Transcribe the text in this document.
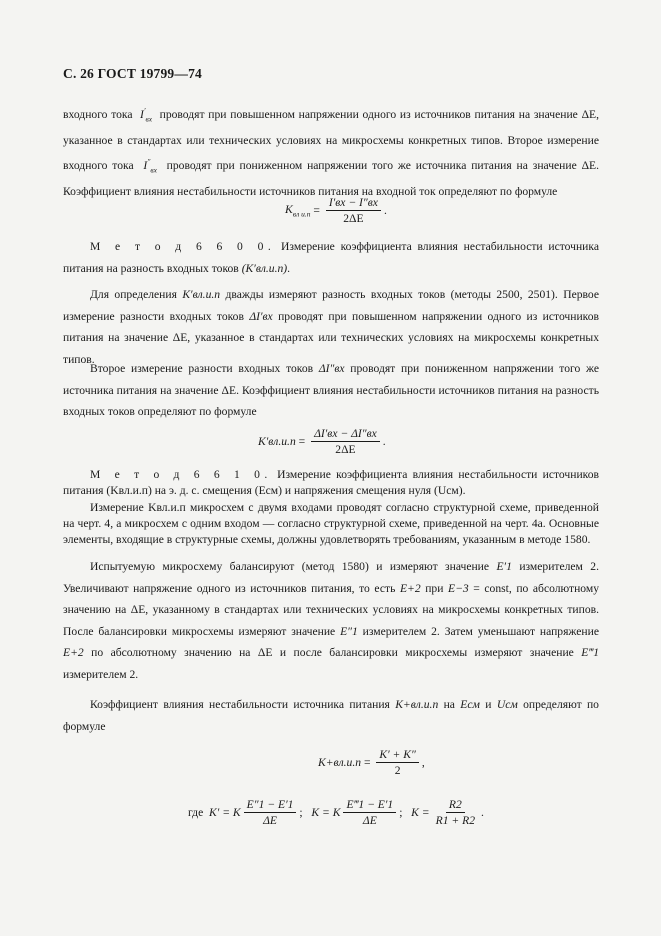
С. 26 ГОСТ 19799—74
входного тока  $I'_{вх}$ проводят при повышенном напряжении одного из источников питания на значение ΔE, указанное в стандартах или технических условиях на микросхемы конкретных типов. Второе измерение входного тока  $I''_{вх}$ проводят при пониженном напряжении того же источника питания на значение ΔE. Коэффициент влияния нестабильности источников питания на входной ток определяют по формуле
$K_{вл и.п} = \frac{I'вх - I''вх}{2\Delta E}$ .
М е т о д 6 6 0 0. Измерение коэффициента влияния нестабильности источника питания на разность входных токов (K′вл.и.п).
Для определения K′вл.и.п дважды измеряют разность входных токов (методы 2500, 2501). Первое измерение разности входных токов ΔI′вх проводят при повышенном напряжении одного из источников питания на значение ΔE, указанное в стандартах или технических условиях на микросхемы конкретных типов.
Второе измерение разности входных токов ΔI″вх проводят при пониженном напряжении того же источника питания на значение ΔE. Коэффициент влияния нестабильности источников питания на разность входных токов определяют по формуле
$K'вл.и.п = \frac{\Delta I'вх - \Delta I''вх}{2\Delta E}$ .
М е т о д 6 6 1 0. Измерение коэффициента влияния нестабильности источников питания (Kвл.и.п) на э. д. с. смещения (Eсм) и напряжения смещения нуля (Uсм).
Измерение Kвл.и.п микросхем с двумя входами проводят согласно структурной схеме, приведенной на черт. 4, а микросхем с одним входом — согласно структурной схеме, приведенной на черт. 4а. Основные элементы, входящие в структурные схемы, должны удовлетворять требованиям, указанным в методе 1580.
Испытуемую микросхему балансируют (метод 1580) и измеряют значение E′1 измерителем 2. Увеличивают напряжение одного из источников питания, то есть E+2 при E−3 = const, по абсолютному значению на ΔE, указанному в стандартах или технических условиях на микросхемы конкретных типов. После балансировки микросхемы измеряют значение E″1 измерителем 2. Затем уменьшают напряжение E+2 по абсолютному значению на ΔE и после балансировки микросхемы измеряют значение E‴1 измерителем 2.
Коэффициент влияния нестабильности источника питания K+вл.и.п на Eсм и Uсм определяют по формуле
$K+вл.и.п = \frac{K' + K''}{2}$ ,
где
K′ = K $\frac{E''1 - E'1}{\Delta E}$ ;
K = K $\frac{E‴1 - E'1}{\Delta E}$ ;
$K = \frac{R2}{R1 + R2}$ .
